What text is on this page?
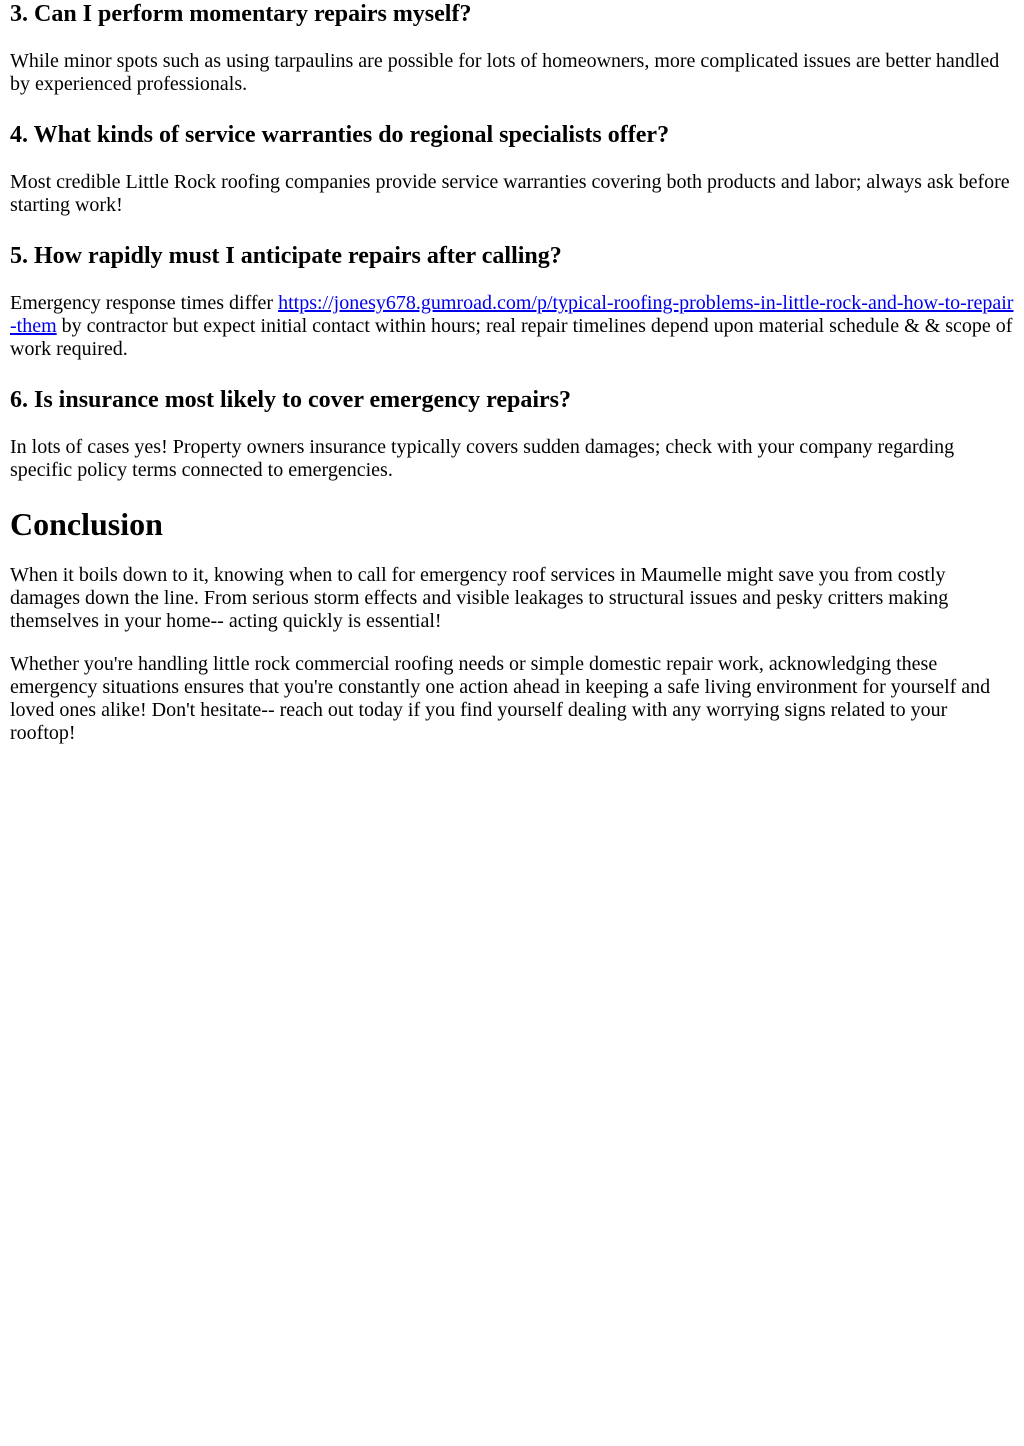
3. Can I perform momentary repairs myself?

While minor spots such as using tarpaulins are possible for lots of homeowners, more complicated issues are better handled by experienced professionals.

4. What kinds of service warranties do regional specialists offer?

Most credible Little Rock roofing companies provide service warranties covering both products and labor; always ask before starting work!

5. How rapidly must I anticipate repairs after calling?

Emergency response times differ https://jonesy678.gumroad.com/p/typical-roofing-problems-in-little-rock-and-how-to-repair-them by contractor but expect initial contact within hours; real repair timelines depend upon material schedule & & scope of work required.

6. Is insurance most likely to cover emergency repairs?

In lots of cases yes! Property owners insurance typically covers sudden damages; check with your company regarding specific policy terms connected to emergencies.

Conclusion

When it boils down to it, knowing when to call for emergency roof services in Maumelle might save you from costly damages down the line. From serious storm effects and visible leakages to structural issues and pesky critters making themselves in your home-- acting quickly is essential!

Whether you're handling little rock commercial roofing needs or simple domestic repair work, acknowledging these emergency situations ensures that you're constantly one action ahead in keeping a safe living environment for yourself and loved ones alike! Don't hesitate-- reach out today if you find yourself dealing with any worrying signs related to your rooftop!
